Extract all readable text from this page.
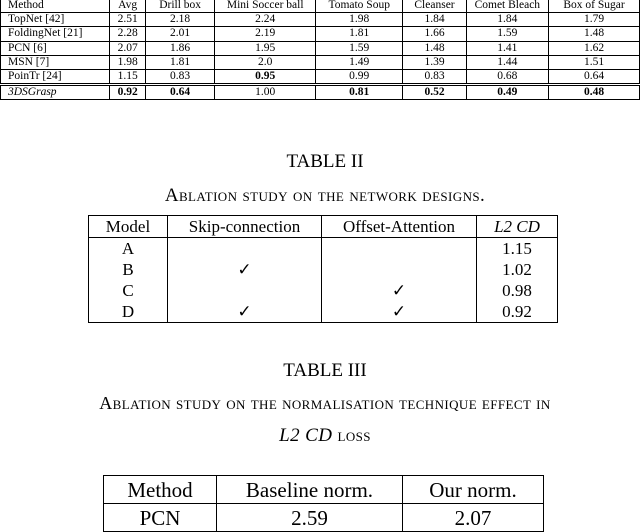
Method	Avg	Drill box	Mini Soccer ball	Tomato Soup	Cleanser	Comet Bleach	Box of Sugar
TopNet [42]	2.51	2.18	2.24	1.98	1.84	1.84	1.79
FoldingNet [21]	2.28	2.01	2.19	1.81	1.66	1.59	1.48
PCN [6]	2.07	1.86	1.95	1.59	1.48	1.41	1.62
MSN [7]	1.98	1.81	2.0	1.49	1.39	1.44	1.51
PoinTr [24]	1.15	0.83	0.95	0.99	0.83	0.68	0.64
3DSGrasp	0.92	0.64	1.00	0.81	0.52	0.49	0.48
TABLE II
Ablation study on the network designs.
Model	Skip-connection	Offset-Attention	L2 CD
A			1.15
B	✓		1.02
C		✓	0.98
D	✓	✓	0.92
TABLE III
Ablation study on the normalisation technique effect in
L2 CD loss
Method	Baseline norm.	Our norm.
PCN	2.59	2.07
